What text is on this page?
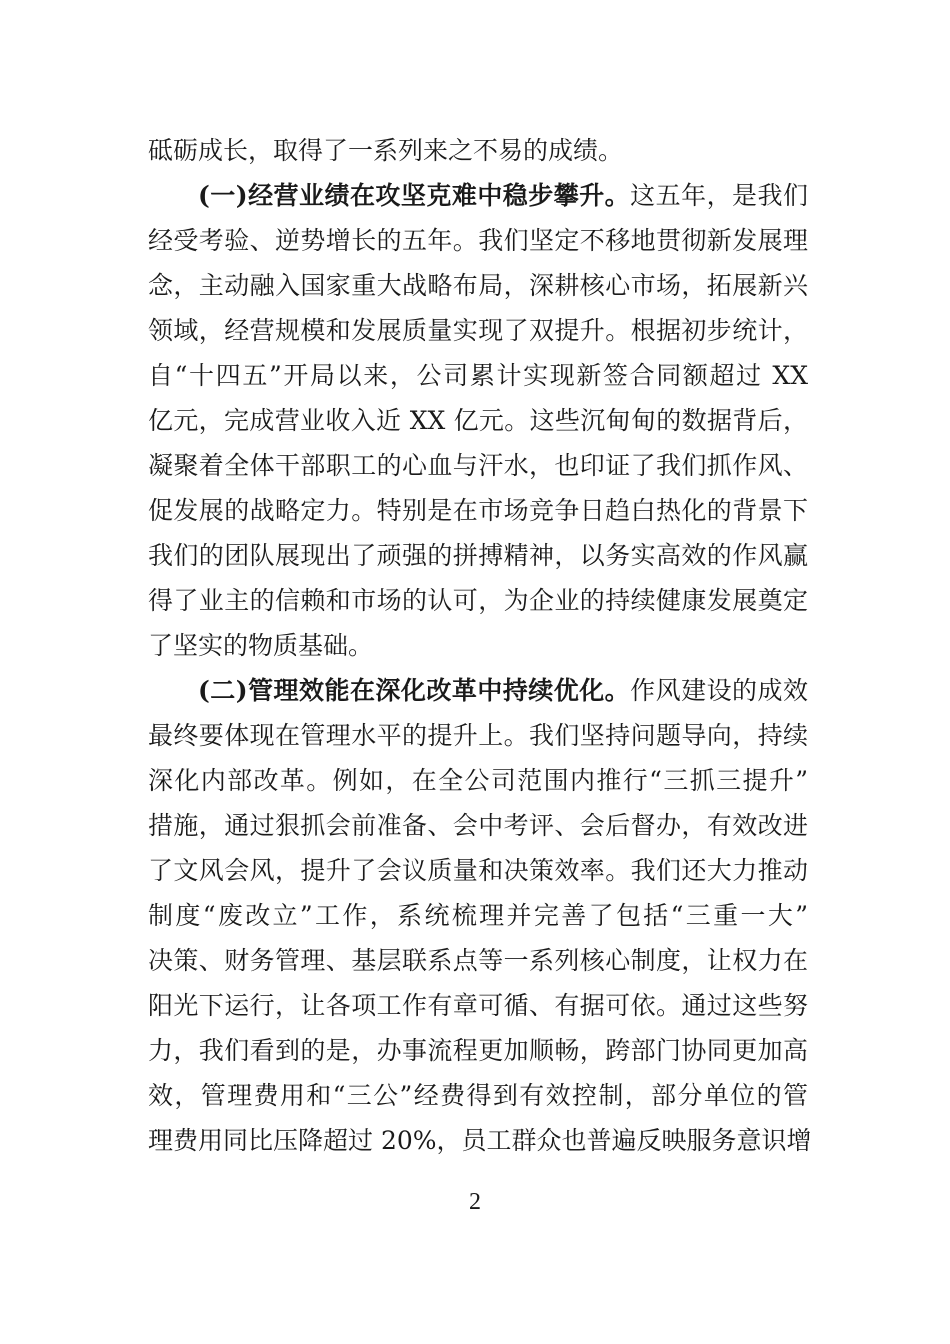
砥砺成长，取得了一系列来之不易的成绩。
(一)经营业绩在攻坚克难中稳步攀升。这五年，是我们
经受考验、逆势增长的五年。我们坚定不移地贯彻新发展理
念，主动融入国家重大战略布局，深耕核心市场，拓展新兴
领域，经营规模和发展质量实现了双提升。根据初步统计，
自“十四五”开局以来，公司累计实现新签合同额超过 XX
亿元，完成营业收入近 XX 亿元。这些沉甸甸的数据背后，
凝聚着全体干部职工的心血与汗水，也印证了我们抓作风、
促发展的战略定力。特别是在市场竞争日趋白热化的背景下
我们的团队展现出了顽强的拼搏精神，以务实高效的作风赢
得了业主的信赖和市场的认可，为企业的持续健康发展奠定
了坚实的物质基础。
(二)管理效能在深化改革中持续优化。作风建设的成效
最终要体现在管理水平的提升上。我们坚持问题导向，持续
深化内部改革。例如，在全公司范围内推行“三抓三提升”
措施，通过狠抓会前准备、会中考评、会后督办，有效改进
了文风会风，提升了会议质量和决策效率。我们还大力推动
制度“废改立”工作，系统梳理并完善了包括“三重一大”
决策、财务管理、基层联系点等一系列核心制度，让权力在
阳光下运行，让各项工作有章可循、有据可依。通过这些努
力，我们看到的是，办事流程更加顺畅，跨部门协同更加高
效，管理费用和“三公”经费得到有效控制，部分单位的管
理费用同比压降超过 20%，员工群众也普遍反映服务意识增
2
